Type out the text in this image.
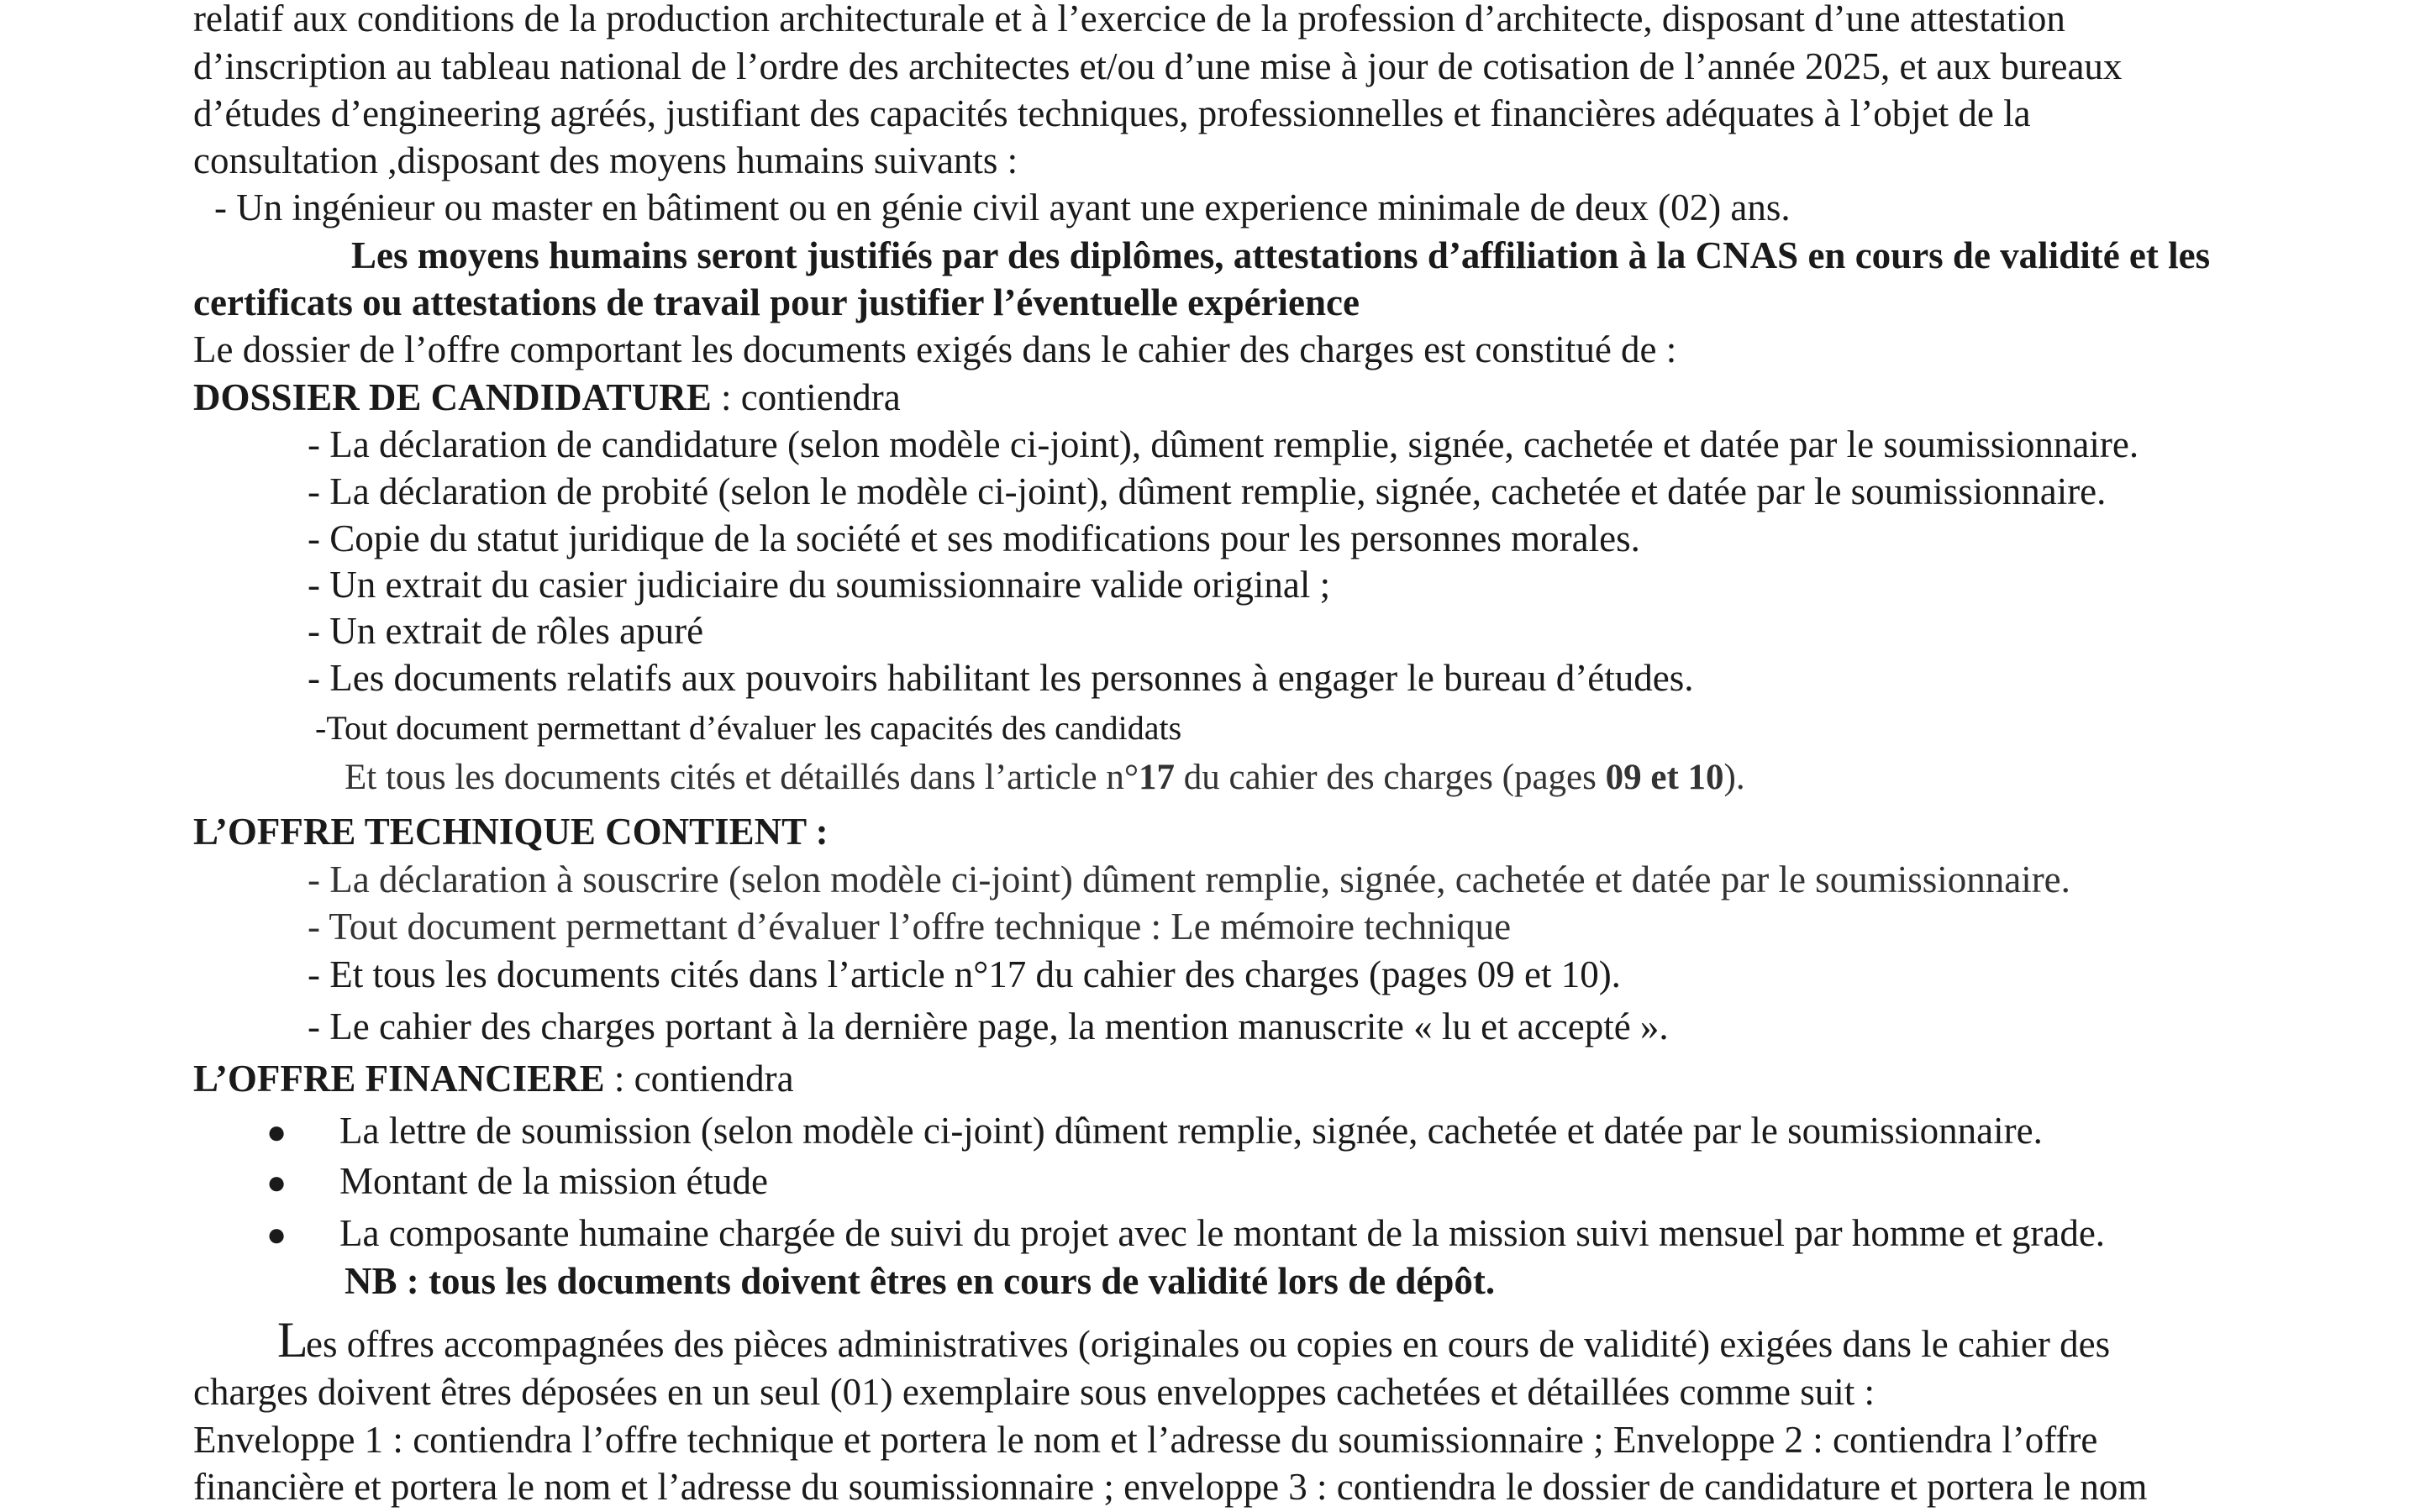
relatif aux conditions de la production architecturale et à l’exercice de la profession d’architecte, disposant d’une attestation
d’inscription au tableau national de l’ordre des architectes et/ou d’une mise à jour de cotisation de l’année 2025, et aux bureaux
d’études d’engineering agréés, justifiant des capacités techniques, professionnelles et financières adéquates à l’objet de la
consultation ,disposant des moyens humains suivants :
- Un ingénieur ou master en bâtiment ou en génie civil ayant une experience minimale de deux (02) ans.
Les moyens humains seront justifiés par des diplômes, attestations d’affiliation à la CNAS en cours de validité et les
certificats ou attestations de travail pour justifier l’éventuelle expérience
Le dossier de l’offre comportant les documents exigés dans le cahier des charges est constitué de :
DOSSIER DE CANDIDATURE : contiendra
- La déclaration de candidature (selon modèle ci-joint), dûment remplie, signée, cachetée et datée par le soumissionnaire.
- La déclaration de probité (selon le modèle ci-joint), dûment remplie, signée, cachetée et datée par le soumissionnaire.
- Copie du statut juridique de la société et ses modifications pour les personnes morales.
- Un extrait du casier judiciaire du soumissionnaire valide original ;
- Un extrait de rôles apuré
- Les documents relatifs aux pouvoirs habilitant les personnes à engager le bureau d’études.
-Tout document permettant d’évaluer les capacités des candidats
Et tous les documents cités et détaillés dans l’article n°17 du cahier des charges (pages 09 et 10).
L’OFFRE TECHNIQUE CONTIENT :
- La déclaration à souscrire (selon modèle ci-joint) dûment remplie, signée, cachetée et datée par le soumissionnaire.
- Tout document permettant d’évaluer l’offre technique : Le mémoire technique
- Et tous les documents cités dans l’article n°17 du cahier des charges (pages 09 et 10).
- Le cahier des charges portant à la dernière page, la mention manuscrite « lu et accepté ».
L’OFFRE FINANCIERE : contiendra
● La lettre de soumission (selon modèle ci-joint) dûment remplie, signée, cachetée et datée par le soumissionnaire.
● Montant de la mission étude
● La composante humaine chargée de suivi du projet avec le montant de la mission suivi mensuel par homme et grade.
NB : tous les documents doivent êtres en cours de validité lors de dépôt.
L
es offres accompagnées des pièces administratives (originales ou copies en cours de validité) exigées dans le cahier des
charges doivent êtres déposées en un seul (01) exemplaire sous enveloppes cachetées et détaillées comme suit :
Enveloppe 1 : contiendra l’offre technique et portera le nom et l’adresse du soumissionnaire ; Enveloppe 2 : contiendra l’offre
financière et portera le nom et l’adresse du soumissionnaire ; enveloppe 3 : contiendra le dossier de candidature et portera le nom
